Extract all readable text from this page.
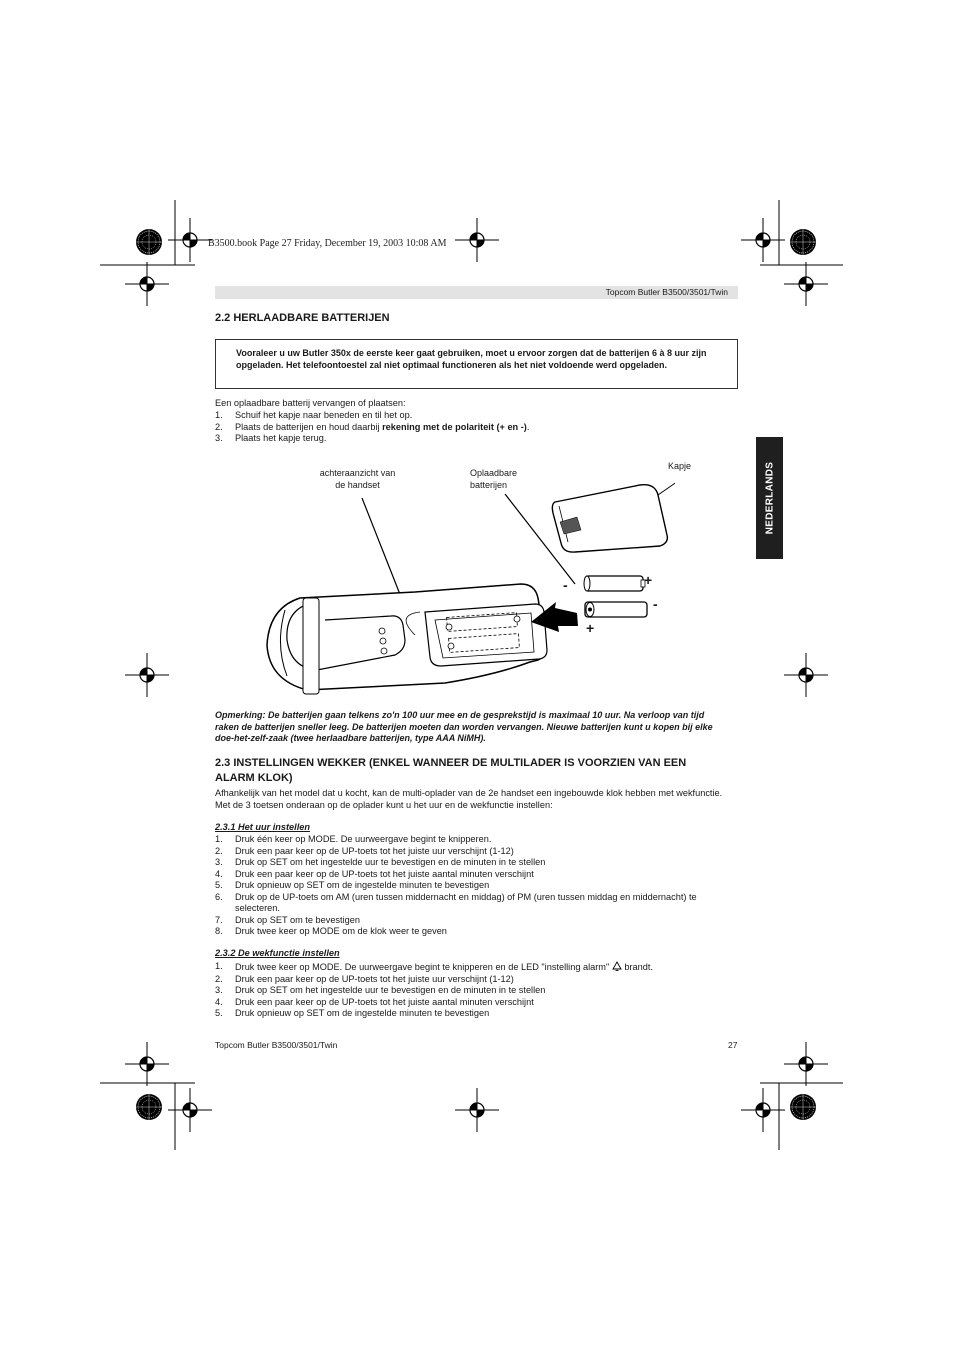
B3500.book Page 27 Friday, December 19, 2003 10:08 AM
Topcom Butler B3500/3501/Twin
NEDERLANDS
2.2 HERLAADBARE BATTERIJEN
Vooraleer u uw Butler 350x de eerste keer gaat gebruiken, moet u ervoor zorgen dat de batterijen 6 à 8 uur zijn opgeladen. Het telefoontoestel zal niet optimaal functioneren als het niet voldoende werd opgeladen.
Een oplaadbare batterij vervangen of plaatsen:
1. Schuif het kapje naar beneden en til het op.
2. Plaats de batterijen en houd daarbij rekening met de polariteit (+ en -).
3. Plaats het kapje terug.
achteraanzicht van
de handset
Oplaadbare
batterijen
Kapje
-	+
-
+
Opmerking: De batterijen gaan telkens zo'n 100 uur mee en de gesprekstijd is maximaal 10 uur. Na verloop van tijd raken de batterijen sneller leeg. De batterijen moeten dan worden vervangen. Nieuwe batterijen kunt u kopen bij elke doe-het-zelf-zaak (twee herlaadbare batterijen, type AAA NiMH).
2.3 INSTELLINGEN WEKKER (ENKEL WANNEER DE MULTILADER IS VOORZIEN VAN EEN
ALARM KLOK)
Afhankelijk van het model dat u kocht, kan de multi-oplader van de 2e handset een ingebouwde klok hebben met wekfunctie. Met de 3 toetsen onderaan op de oplader kunt u het uur en de wekfunctie instellen:
2.3.1 Het uur instellen
1. Druk één keer op MODE. De uurweergave begint te knipperen.
2. Druk een paar keer op de UP-toets tot het juiste uur verschijnt (1-12)
3. Druk op SET om het ingestelde uur te bevestigen en de minuten in te stellen
4. Druk een paar keer op de UP-toets tot het juiste aantal minuten verschijnt
5. Druk opnieuw op SET om de ingestelde minuten te bevestigen
6. Druk op de UP-toets om AM (uren tussen middernacht en middag) of PM (uren tussen middag en middernacht) te selecteren.
7. Druk op SET om te bevestigen
8. Druk twee keer op MODE om de klok weer te geven
2.3.2 De wekfunctie instellen
1. Druk twee keer op MODE. De uurweergave begint te knipperen en de LED "instelling alarm"  brandt.
2. Druk een paar keer op de UP-toets tot het juiste uur verschijnt (1-12)
3. Druk op SET om het ingestelde uur te bevestigen en de minuten in te stellen
4. Druk een paar keer op de UP-toets tot het juiste aantal minuten verschijnt
5. Druk opnieuw op SET om de ingestelde minuten te bevestigen
Topcom Butler B3500/3501/Twin	27
